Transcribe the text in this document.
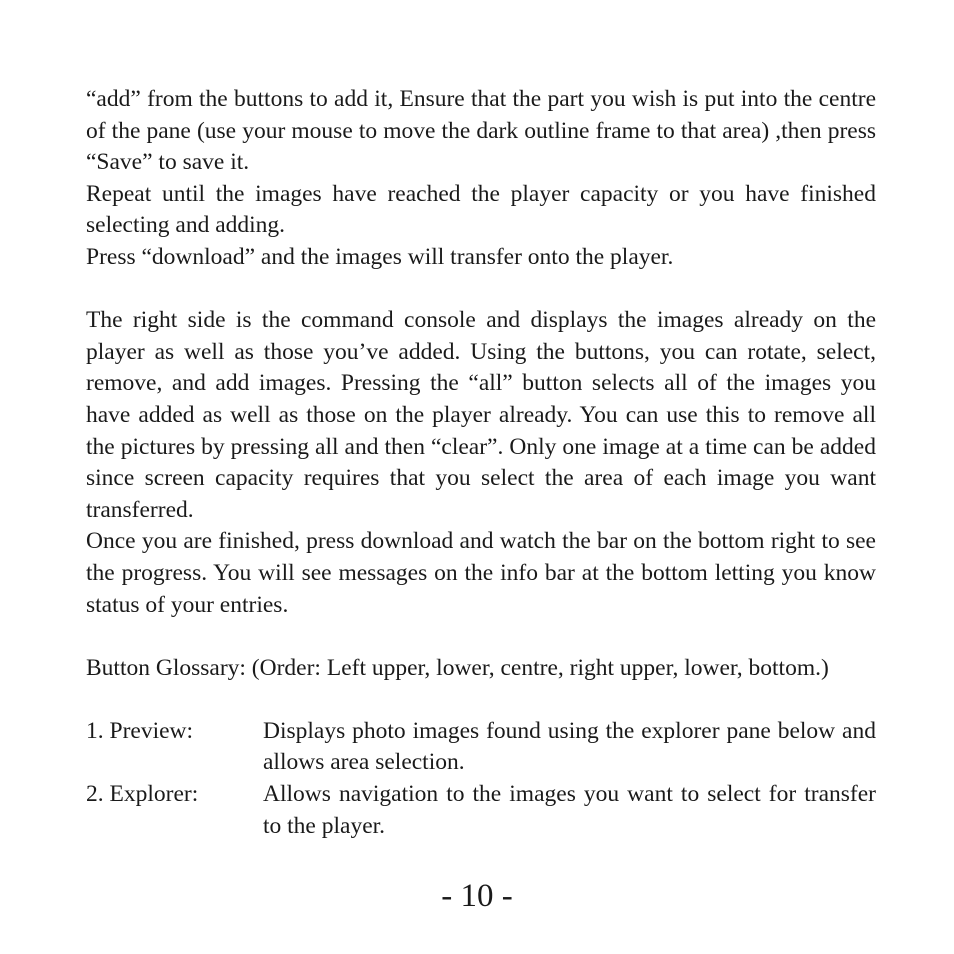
“add” from the buttons to add it, Ensure that the part you wish is put into the centre of the pane (use your mouse to move the dark outline frame to that area) ,then press “Save” to save it.

Repeat until the images have reached the player capacity or you have finished selecting and adding.

Press “download” and the images will transfer onto the player.

The right side is the command console and displays the images already on the player as well as those you’ve added. Using the buttons, you can rotate, select, remove, and add images. Pressing the “all” button selects all of the images you have added as well as those on the player already. You can use this to remove all the pictures by pressing all and then “clear”. Only one image at a time can be added since screen capacity requires that you select the area of each image you want transferred.

Once you are finished, press download and watch the bar on the bottom right to see the progress. You will see messages on the info bar at the bottom letting you know status of your entries.

Button Glossary: (Order: Left upper, lower, centre, right upper, lower, bottom.)

1. Preview:	Displays photo images found using the explorer pane below and allows area selection.
2. Explorer:	Allows navigation to the images you want to select for transfer to the player.
- 10 -
